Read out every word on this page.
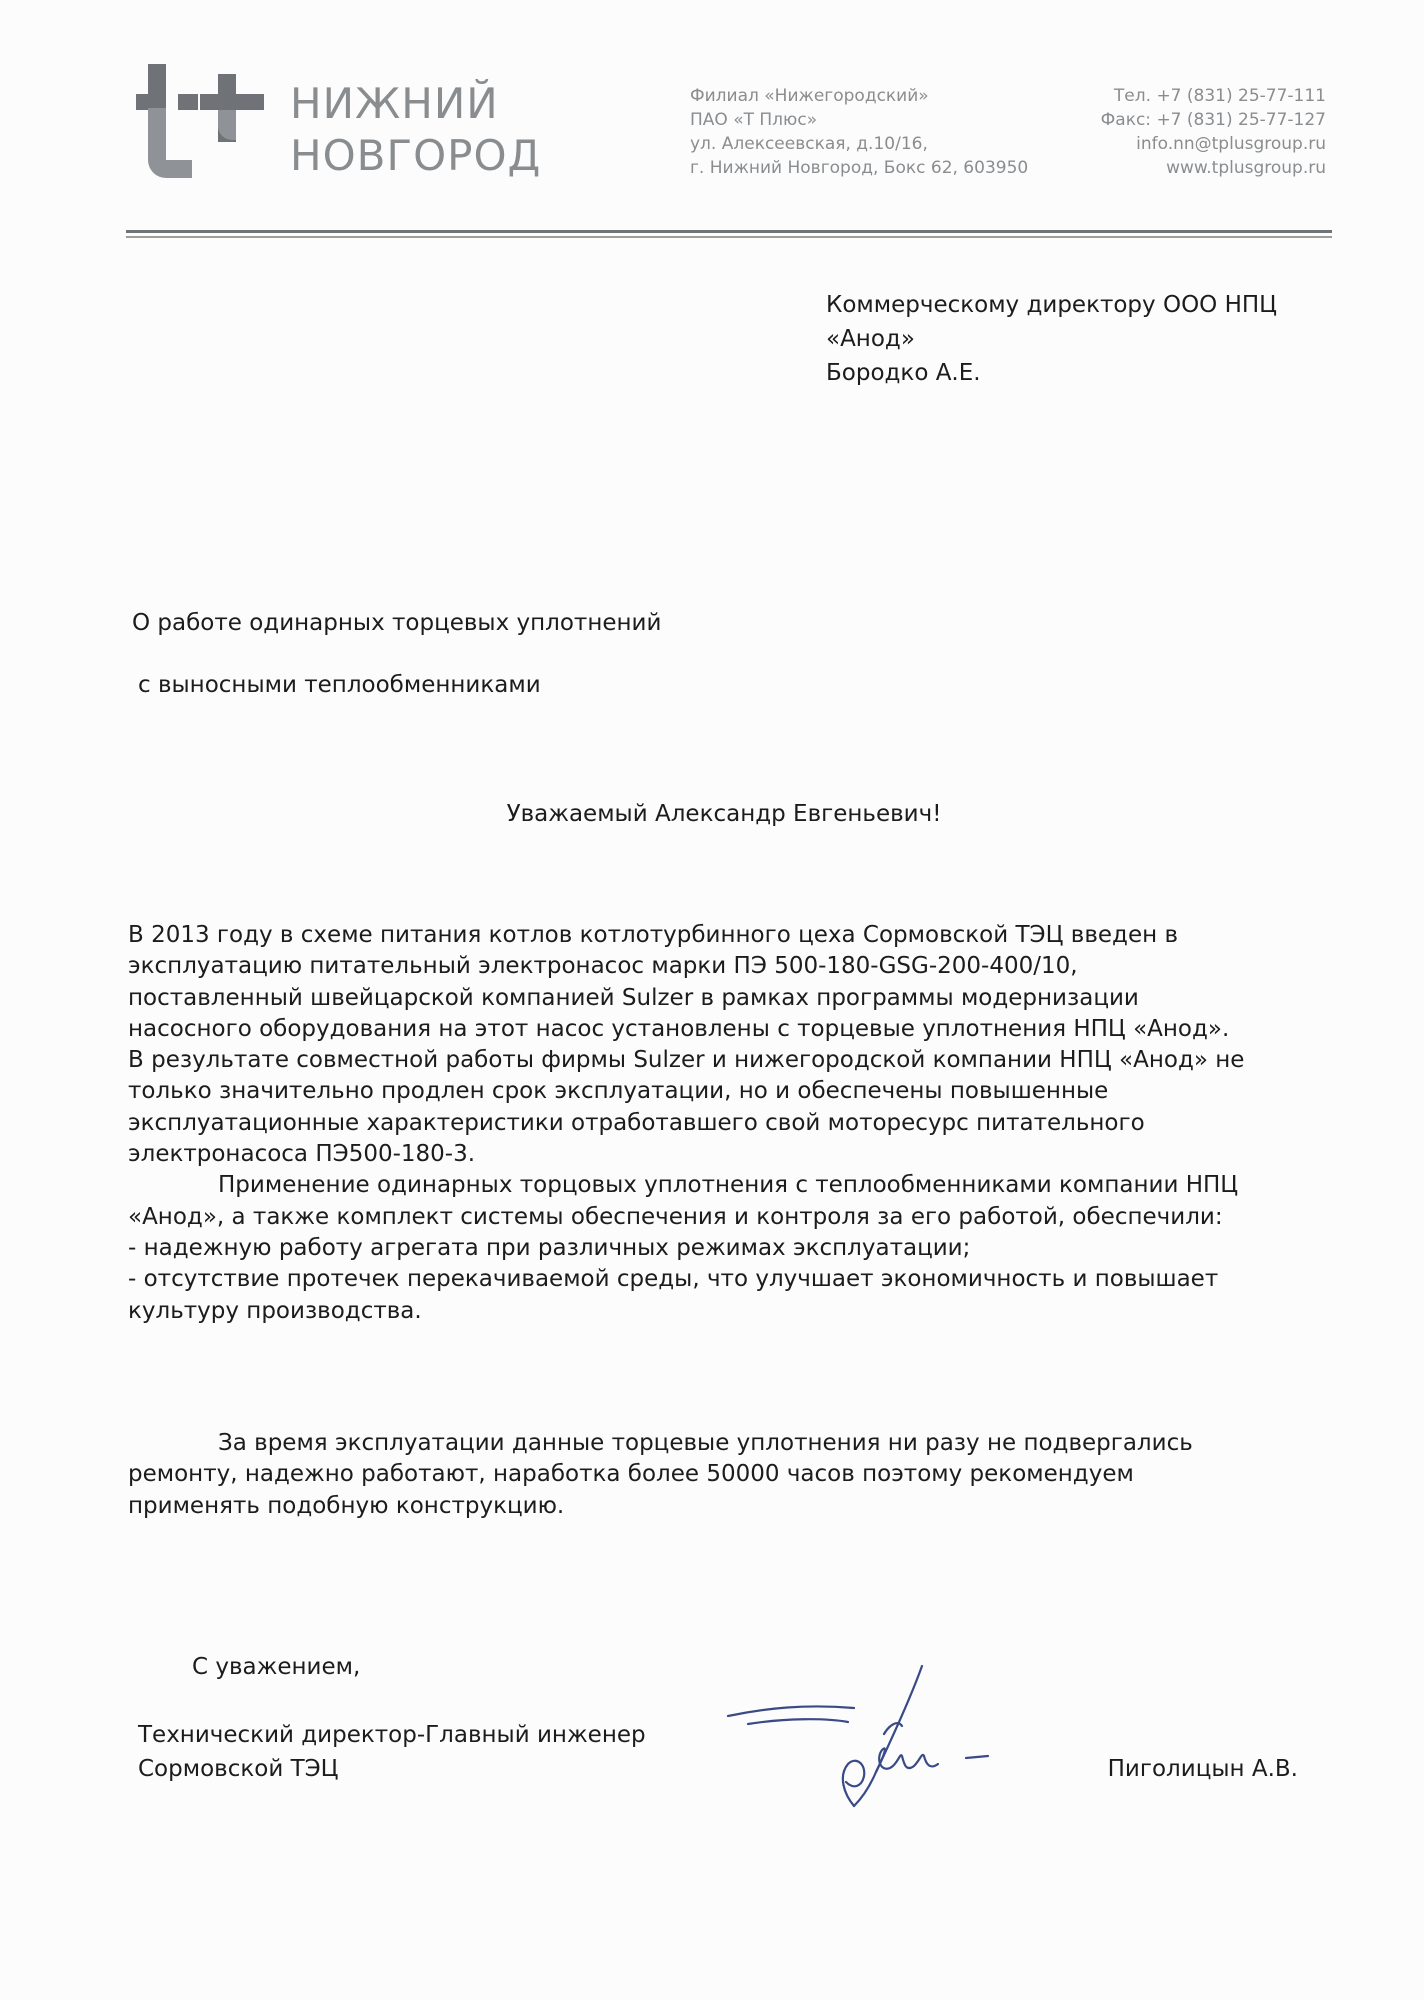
НИЖНИЙ
НОВГОРОД
Филиал «Нижегородский»
ПАО «Т Плюс»
ул. Алексеевская, д.10/16,
г. Нижний Новгород, Бокс 62, 603950
Тел. +7 (831) 25-77-111
Факс: +7 (831) 25-77-127
info.nn@tplusgroup.ru
www.tplusgroup.ru
Коммерческому директору ООО НПЦ
«Анод»
Бородко А.Е.
О работе одинарных торцевых уплотнений
с выносными теплообменниками
Уважаемый Александр Евгеньевич!
В 2013 году в схеме питания котлов котлотурбинного цеха Сормовской ТЭЦ введен в
эксплуатацию питательный электронасос марки ПЭ 500-180-GSG-200-400/10,
поставленный швейцарской компанией Sulzer в рамках программы модернизации
насосного оборудования на этот насос установлены с торцевые уплотнения НПЦ «Анод».
В результате совместной работы фирмы Sulzer и нижегородской компании НПЦ «Анод» не
только значительно продлен срок эксплуатации, но и обеспечены повышенные
эксплуатационные характеристики отработавшего свой моторесурс питательного
электронасоса ПЭ500-180-3.
Применение одинарных торцовых уплотнения с теплообменниками компании НПЦ
«Анод», а также комплект системы обеспечения и контроля за его работой, обеспечили:
- надежную работу агрегата при различных режимах эксплуатации;
- отсутствие протечек перекачиваемой среды, что улучшает экономичность и повышает
культуру производства.
За время эксплуатации данные торцевые уплотнения ни разу не подвергались
ремонту, надежно работают, наработка более 50000 часов поэтому рекомендуем
применять подобную конструкцию.
С уважением,
Технический директор-Главный инженер
Сормовской ТЭЦ	Пиголицын А.В.
